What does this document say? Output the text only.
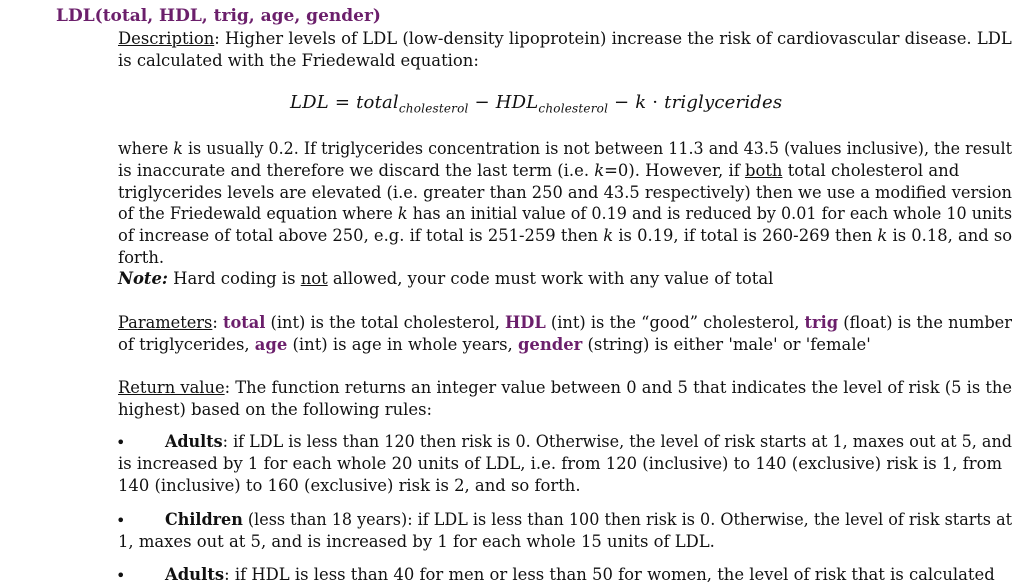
LDL(total, HDL, trig, age, gender)
Description: Higher levels of LDL (low-density lipoprotein) increase the risk of cardiovascular disease. LDL
is calculated with the Friedewald equation:
LDL = total$_{cholesterol}$ − $HDL_{cholesterol} - k$ · triglycerides
where k is usually 0.2. If triglycerides concentration is not between 11.3 and 43.5 (values inclusive), the result
is inaccurate and therefore we discard the last term (i.e. k=0). However, if both total cholesterol and
triglycerides levels are elevated (i.e. greater than 250 and 43.5 respectively) then we use a modified version
of the Friedewald equation where k has an initial value of 0.19 and is reduced by 0.01 for each whole 10 units
of increase of total above 250, e.g. if total is 251-259 then k is 0.19, if total is 260-269 then k is 0.18, and so
forth.
Note: Hard coding is not allowed, your code must work with any value of total
Parameters: total (int) is the total cholesterol, HDL (int) is the “good” cholesterol, trig (float) is the number
of triglycerides, age (int) is age in whole years, gender (string) is either 'male' or 'female'
Return value: The function returns an integer value between 0 and 5 that indicates the level of risk (5 is the
highest) based on the following rules:
• Adults: if LDL is less than 120 then risk is 0. Otherwise, the level of risk starts at 1, maxes out at 5, and
is increased by 1 for each whole 20 units of LDL, i.e. from 120 (inclusive) to 140 (exclusive) risk is 1, from
140 (inclusive) to 160 (exclusive) risk is 2, and so forth.
• Children (less than 18 years): if LDL is less than 100 then risk is 0. Otherwise, the level of risk starts at
1, maxes out at 5, and is increased by 1 for each whole 15 units of LDL.
• Adults: if HDL is less than 40 for men or less than 50 for women, the level of risk that is calculated
